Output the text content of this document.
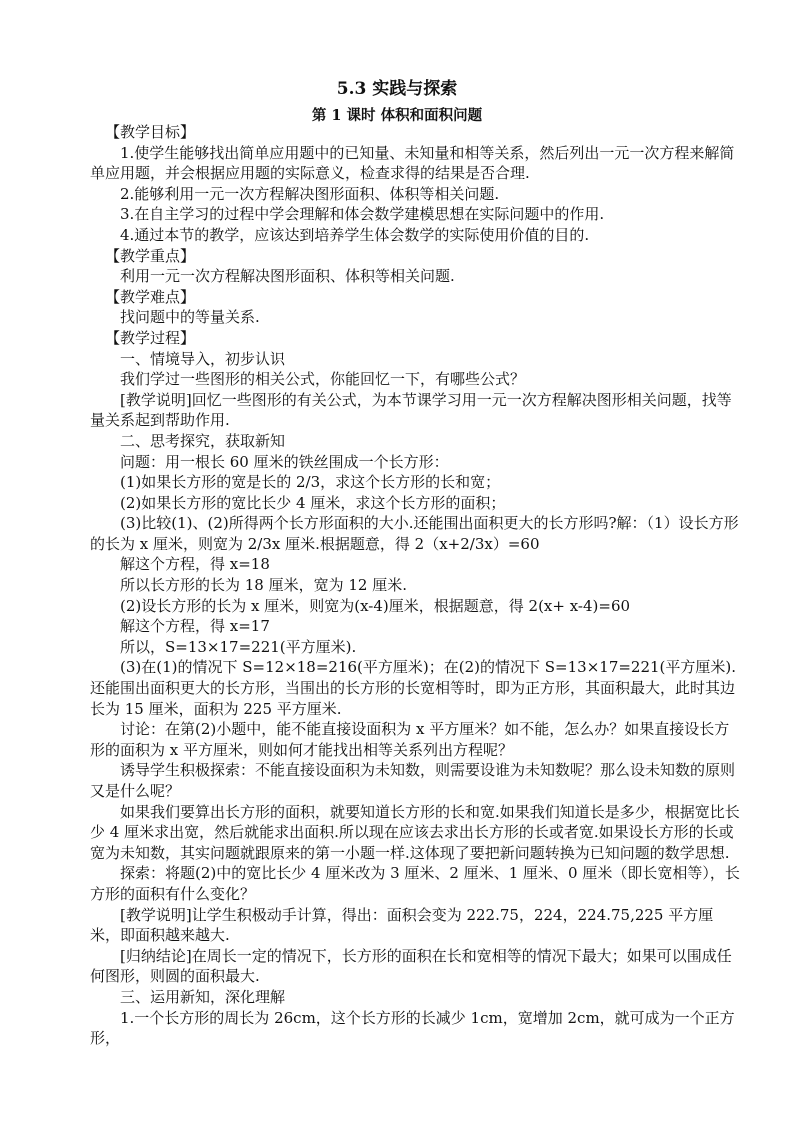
5.3 实践与探索
第 1 课时 体积和面积问题

【教学目标】

1.使学生能够找出简单应用题中的已知量、未知量和相等关系，然后列出一元一次方程来解简单应用题，并会根据应用题的实际意义，检查求得的结果是否合理.

2.能够利用一元一次方程解决图形面积、体积等相关问题.

3.在自主学习的过程中学会理解和体会数学建模思想在实际问题中的作用.

4.通过本节的教学，应该达到培养学生体会数学的实际使用价值的目的.

【教学重点】

利用一元一次方程解决图形面积、体积等相关问题.

【教学难点】

找问题中的等量关系.

【教学过程】

一、情境导入，初步认识

我们学过一些图形的相关公式，你能回忆一下，有哪些公式？

[教学说明]回忆一些图形的有关公式，为本节课学习用一元一次方程解决图形相关问题，找等量关系起到帮助作用.

二、思考探究，获取新知

问题：用一根长 60 厘米的铁丝围成一个长方形：

(1)如果长方形的宽是长的 2/3，求这个长方形的长和宽；

(2)如果长方形的宽比长少 4 厘米，求这个长方形的面积；

(3)比较(1)、(2)所得两个长方形面积的大小.还能围出面积更大的长方形吗?解：（1）设长方形的长为 x 厘米，则宽为 2/3x 厘米.根据题意，得 2（x+2/3x）=60

解这个方程，得 x=18

所以长方形的长为 18 厘米，宽为 12 厘米.

(2)设长方形的长为 x 厘米，则宽为(x-4)厘米，根据题意，得 2(x+ x-4)=60

解这个方程，得 x=17

所以，S=13×17=221(平方厘米).

(3)在(1)的情况下 S=12×18=216(平方厘米)；在(2)的情况下 S=13×17=221(平方厘米).还能围出面积更大的长方形，当围出的长方形的长宽相等时，即为正方形，其面积最大，此时其边长为 15 厘米，面积为 225 平方厘米.

讨论：在第(2)小题中，能不能直接设面积为 x 平方厘米？如不能，怎么办？如果直接设长方形的面积为 x 平方厘米，则如何才能找出相等关系列出方程呢？

诱导学生积极探索：不能直接设面积为未知数，则需要设谁为未知数呢？那么设未知数的原则又是什么呢？

如果我们要算出长方形的面积，就要知道长方形的长和宽.如果我们知道长是多少，根据宽比长少 4 厘米求出宽，然后就能求出面积.所以现在应该去求出长方形的长或者宽.如果设长方形的长或宽为未知数，其实问题就跟原来的第一小题一样.这体现了要把新问题转换为已知问题的数学思想.

探索：将题(2)中的宽比长少 4 厘米改为 3 厘米、2 厘米、1 厘米、0 厘米（即长宽相等），长方形的面积有什么变化？

[教学说明]让学生积极动手计算，得出：面积会变为 222.75，224，224.75,225 平方厘米，即面积越来越大.

[归纳结论]在周长一定的情况下，长方形的面积在长和宽相等的情况下最大；如果可以围成任何图形，则圆的面积最大.

三、运用新知，深化理解

1.一个长方形的周长为 26cm，这个长方形的长减少 1cm，宽增加 2cm，就可成为一个正方形，
